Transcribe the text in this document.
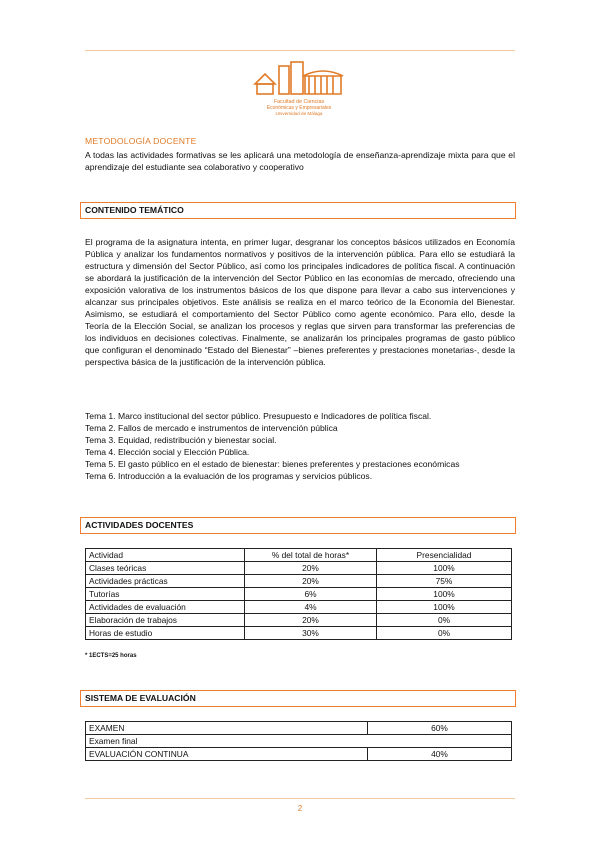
Facultad de Ciencias
Económicas y Empresariales
Universidad de Málaga
METODOLOGÍA DOCENTE
A todas las actividades formativas se les aplicará una metodología de enseñanza-aprendizaje mixta para que el aprendizaje del estudiante sea colaborativo y cooperativo
CONTENIDO TEMÁTICO
El programa de la asignatura intenta, en primer lugar, desgranar los conceptos básicos utilizados en Economía Pública y analizar los fundamentos normativos y positivos de la intervención pública. Para ello se estudiará la estructura y dimensión del Sector Público, así como los principales indicadores de política fiscal. A continuación se abordará la justificación de la intervención del Sector Público en las economías de mercado, ofreciendo una exposición valorativa de los instrumentos básicos de los que dispone para llevar a cabo sus intervenciones y alcanzar sus principales objetivos. Este análisis se realiza en el marco teórico de la Economía del Bienestar. Asimismo, se estudiará el comportamiento del Sector Público como agente económico. Para ello, desde la Teoría de la Elección Social, se analizan los procesos y reglas que sirven para transformar las preferencias de los individuos en decisiones colectivas. Finalmente, se analizarán los principales programas de gasto público que configuran el denominado “Estado del Bienestar” –bienes preferentes y prestaciones monetarias-, desde la perspectiva básica de la justificación de la intervención pública.
Tema 1. Marco institucional del sector público. Presupuesto e Indicadores de política fiscal.
Tema 2. Fallos de mercado e instrumentos de intervención pública
Tema 3. Equidad, redistribución y bienestar social.
Tema 4. Elección social y Elección Pública.
Tema 5. El gasto público en el estado de bienestar: bienes preferentes y prestaciones económicas
Tema 6. Introducción a la evaluación de los programas y servicios públicos.
ACTIVIDADES DOCENTES
Actividad	% del total de horas*	Presencialidad
Clases teóricas	20%	100%
Actividades prácticas	20%	75%
Tutorías	6%	100%
Actividades de evaluación	4%	100%
Elaboración de trabajos	20%	0%
Horas de estudio	30%	0%
* 1ECTS=25 horas
SISTEMA DE EVALUACIÓN
EXAMEN	60%
Examen final	
EVALUACIÓN CONTINUA	40%
2
